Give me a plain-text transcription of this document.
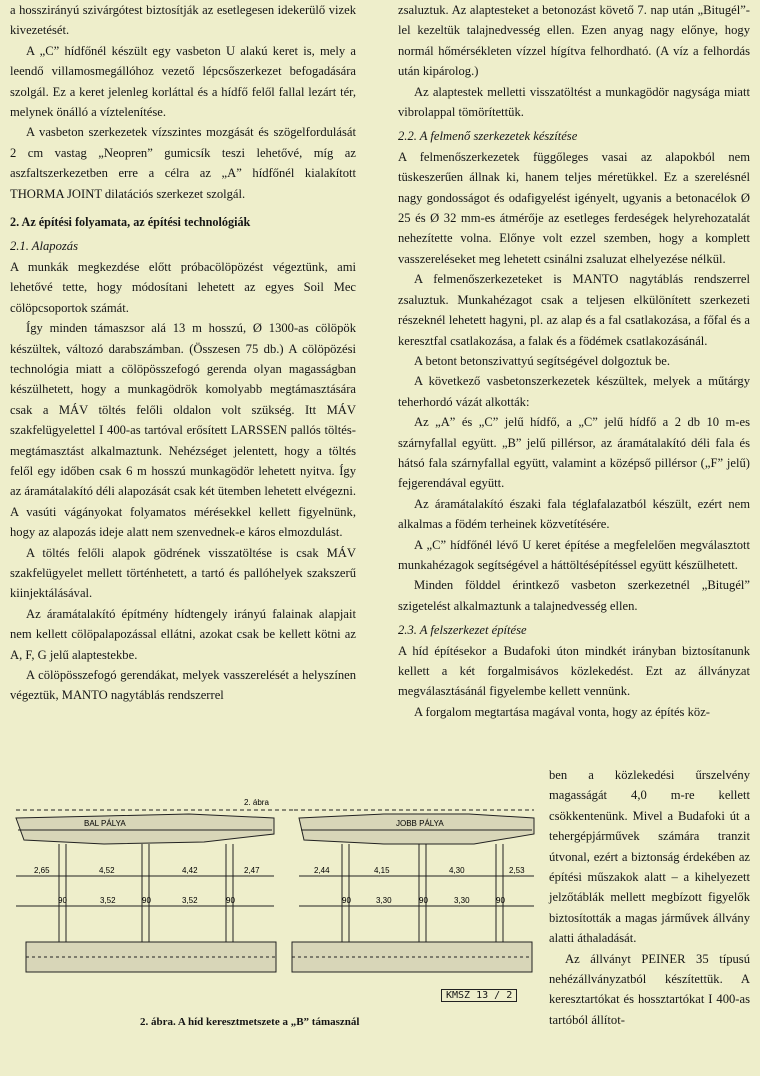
a hosszirányú szivárgótest biztosítják az esetlegesen idekerülő vizek kivezetését.

A „C” hídfőnél készült egy vasbeton U alakú keret is, mely a leendő villamosmegállóhoz vezető lépcsőszerkezet befogadására szolgál. Ez a keret jelenleg korláttal és a hídfő felől fallal lezárt tér, melynek önálló a víztelenítése.

A vasbeton szerkezetek vízszintes mozgását és szögelfordulását 2 cm vastag „Neopren” gumicsík teszi lehetővé, míg az aszfaltszerkezetben erre a célra az „A” hídfőnél kialakított THORMA JOINT dilatációs szerkezet szolgál.

2. Az építési folyamata, az építési technológiák

2.1. Alapozás

A munkák megkezdése előtt próbacölöpözést végeztünk, ami lehetővé tette, hogy módosítani lehetett az egyes Soil Mec cölöpcsoportok számát.

Így minden támaszsor alá 13 m hosszú, Ø 1300-as cölöpök készültek, változó darabszámban. (Összesen 75 db.) A cölöpözési technológia miatt a cölöpösszefogó gerenda olyan magasságban készülhetett, hogy a munkagödrök komolyabb megtámasztására csak a MÁV töltés felőli oldalon volt szükség. Itt MÁV szakfelügyelettel I 400-as tartóval erősített LARSSEN pallós töltés-megtámasztást alkalmaztunk. Nehézséget jelentett, hogy a töltés felől egy időben csak 6 m hosszú munkagödör lehetett nyitva. Így az áramátalakító déli alapozását csak két ütemben lehetett elvégezni. A vasúti vágányokat folyamatos mérésekkel kellett figyelnünk, hogy az alapozás ideje alatt nem szenvednek-e káros elmozdulást.

A töltés felőli alapok gödrének visszatöltése is csak MÁV szakfelügyelet mellett történhetett, a tartó és pallóhelyek szakszerű kiinjektálásával.

Az áramátalakító építmény hídtengely irányú falainak alapjait nem kellett cölöpalapozással ellátni, azokat csak be kellett kötni az A, F, G jelű alaptestekbe.

A cölöpösszefogó gerendákat, melyek vasszerelését a helyszínen végeztük, MANTO nagytáblás rendszerrel

zsaluztuk. Az alaptesteket a betonozást követő 7. nap után „Bitugél”-lel kezeltük talajnedvesség ellen. Ezen anyag nagy előnye, hogy normál hőmérsékleten vízzel hígítva felhordható. (A víz a felhordás után kipárolog.)

Az alaptestek melletti visszatöltést a munkagödör nagysága miatt vibrolappal tömörítettük.

2.2. A felmenő szerkezetek készítése

A felmenőszerkezetek függőleges vasai az alapokból nem tüskeszerűen állnak ki, hanem teljes méretükkel. Ez a szerelésnél nagy gondosságot és odafigyelést igényelt, ugyanis a betonacélok Ø 25 és Ø 32 mm-es átmérője az esetleges ferdeségek helyrehozatalát nehezítette volna. Előnye volt ezzel szemben, hogy a komplett vasszereléseket meg lehetett csinálni zsaluzat elhelyezése nélkül.

A felmenőszerkezeteket is MANTO nagytáblás rendszerrel zsaluztuk. Munkahézagot csak a teljesen elkülönített szerkezeti részeknél lehetett hagyni, pl. az alap és a fal csatlakozása, a főfal és a keresztfal csatlakozása, a falak és a födémek csatlakozásánál.

A betont betonszivattyú segítségével dolgoztuk be.

A következő vasbetonszerkezetek készültek, melyek a műtárgy teherhordó vázát alkották:

Az „A” és „C” jelű hídfő, a „C” jelű hídfő a 2 db 10 m-es szárnyfallal együtt. „B” jelű pillérsor, az áramátalakító déli fala és hátsó fala szárnyfallal együtt, valamint a középső pillérsor („F” jelű) fejgerendával együtt.

Az áramátalakító északi fala téglafalazatból készült, ezért nem alkalmas a födém terheinek közvetítésére.

A „C” hídfőnél lévő U keret építése a megfelelően megválasztott munkahézagok segítségével a háttöltésépítéssel együtt készülhetett.

Minden földdel érintkező vasbeton szerkezetnél „Bitugél” szigetelést alkalmaztunk a talajnedvesség ellen.

2.3. A felszerkezet építése

A híd építésekor a Budafoki úton mindkét irányban biztosítanunk kellett a két forgalmisávos közlekedést. Ezt az állványzat megválasztásánál figyelembe kellett vennünk.

A forgalom megtartása magával vonta, hogy az építés köz-

ben a közlekedési űrszelvény magasságát 4,0 m-re kellett csökkentenünk. Mivel a Budafoki út a tehergépjárművek számára tranzit útvonal, ezért a biztonság érdekében az építési műszakok alatt – a kihelyezett jelzőtáblák mellett megbízott figyelők biztosították a magas járművek állvány alatti áthaladását.

Az állványt PEINER 35 típusú nehézállványzatból készítettük. A keresztartókat és hossztartókat I 400-as tartóból állítot-

BAL PÁLYA	JOBB PÁLYA
2. ábra
2,65	4,52	4,42	2,47
90	3,52	90	3,52	90
2,44	4,15	4,30	2,53
90	3,30	90	3,30	90
KMSZ 13 / 2
2. ábra. A híd keresztmetszete a „B” támasznál
